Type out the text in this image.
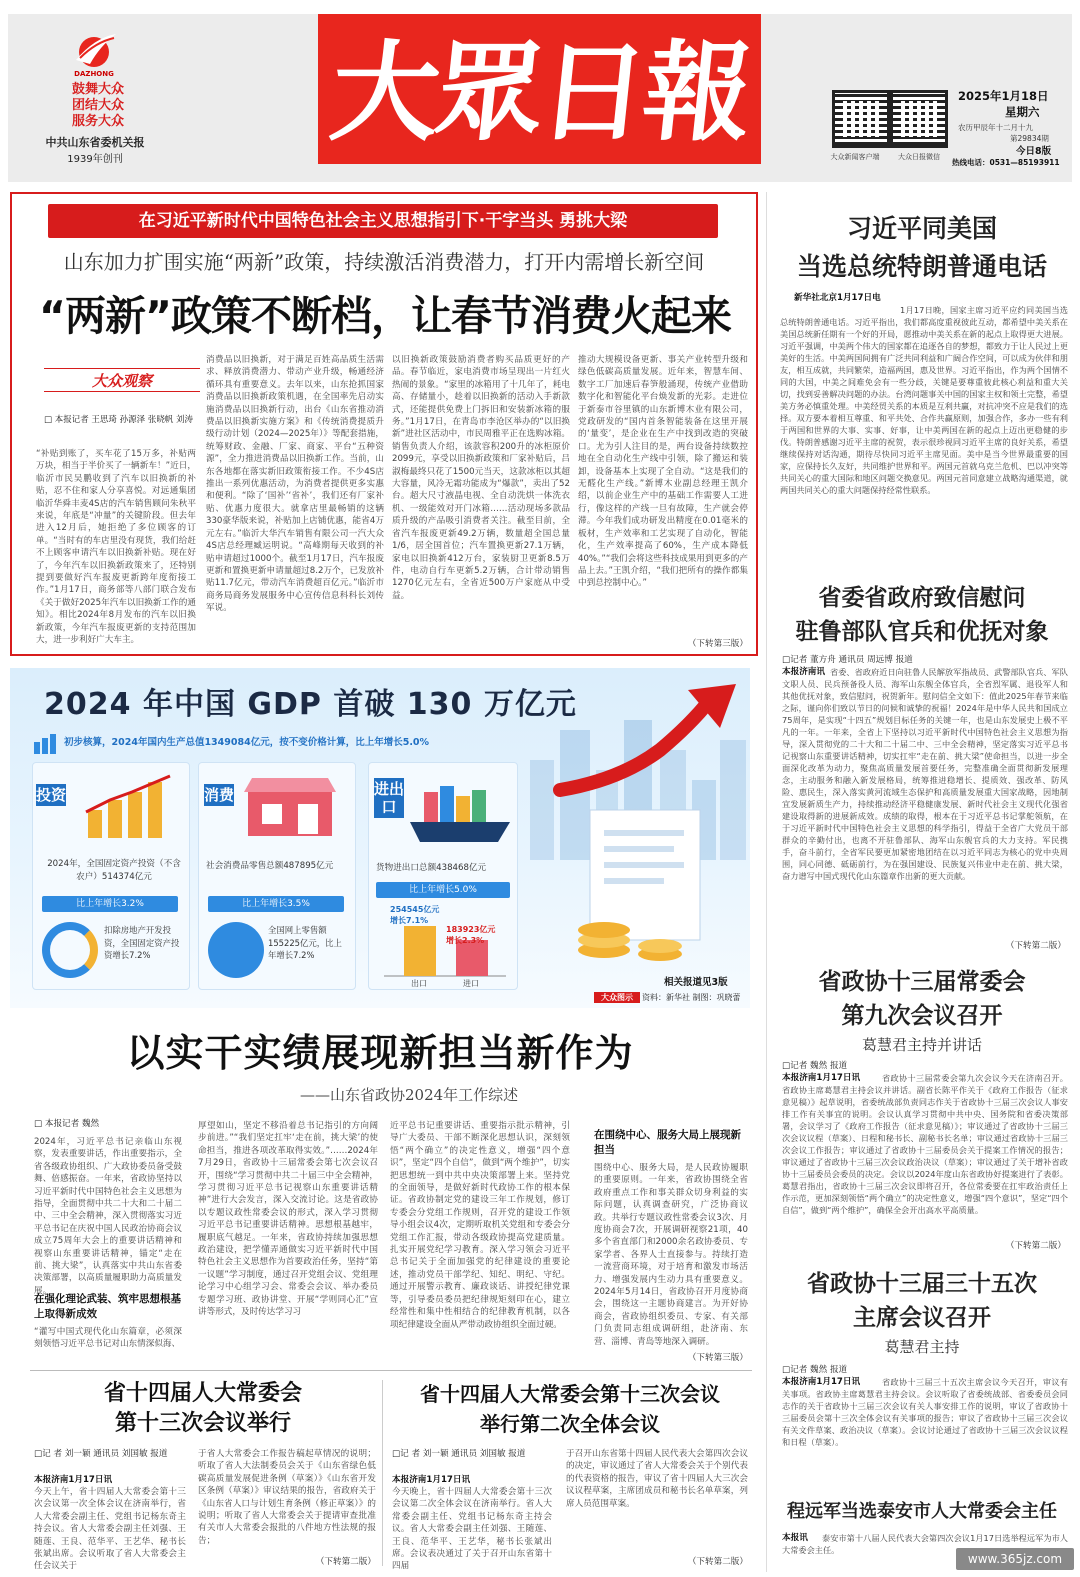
大眾日報
DAZHONG
鼓舞大众
团结大众
服务大众
中共山东省委机关报
1939年创刊	大众新闻客户端	大众日报微信
2025年1月18日
星期六
农历甲辰年十二月十九
第29834期
今日8版
热线电话：0531—85193911
在习近平新时代中国特色社会主义思想指引下·干字当头 勇挑大梁
山东加力扩围实施“两新”政策，持续激活消费潜力，打开内需增长新空间
“两新”政策不断档，让春节消费火起来
大众观察
□ 本报记者 王思琦 孙源泽 张晓帆 刘涛
“补贴到账了，买车花了15万多，补贴两万块，相当于半价买了一辆新车！”近日，临沂市民吴鹏收到了汽车以旧换新的补贴，忍不住和家人分享喜悦。对远通集团临沂华舜丰麦4S店的汽车销售顾问朱秋平来说，年底是“冲量”的关键阶段。但去年进入12月后，她拒绝了多位顾客的订单。“当时有的车店里没有现货，我们给赶不上顾客申请汽车以旧换新补贴。现在好了，今年汽车以旧换新政策来了，还特别提到要做好汽车报废更新跨年度衔接工作。”1月17日，商务部等八部门联合发布《关于做好2025年汽车以旧换新工作的通知》。相比2024年8月发布的汽车以旧换新政策，今年汽车报废更新的支持范围加大，进一步利好广大车主。
消费品以旧换新，对于满足百姓高品质生活需求、释放消费潜力、带动产业升级，畅通经济循环具有重要意义。去年以来，山东抢抓国家消费品以旧换新政策机遇，在全国率先启动实施消费品以旧换新行动，出台《山东省推动消费品以旧换新实施方案》和《传统消费提质升级行动计划（2024—2025年）》等配套措施，统筹财政、金融、厂家、商家、平台“五种资源”，全力推进消费品以旧换新工作。当前，山东各地都在落实新旧政策衔接工作。不少4S店推出一系列优惠活动，为消费者提供更多实惠和便利。“除了‘国补’‘省补’，我们还有厂家补贴、优惠力度很大。就拿店里最畅销的这辆330豪华版来说，补贴加上店铺优惠，能省4万元左右。”临沂大华汽车销售有限公司一汽大众4S店总经理臧运明说。“高峰期每天收到的补贴申请超过1000个。截至1月17日，汽车报废更新和置换更新申请量超过8.2万个，已发放补贴11.7亿元，带动汽车消费超百亿元。”临沂市商务局商务发展服务中心宣传信息科科长刘传军说。
以旧换新政策鼓励消费者购买品质更好的产品。春节临近，家电消费市场呈现出一片红火热闹的景象。“家里的冰箱用了十几年了，耗电高、存储量小，趁着以旧换新的活动入手新款式，还能提供免费上门拆旧和安装新冰箱的服务。”1月17日，在青岛市李沧区举办的“以旧换新”进社区活动中，市民周雅平正在选购冰箱。销售负责人介绍，该款容积200升的冰柜原价2099元，享受以旧换新政策和厂家补贴后，吕淑梅最终只花了1500元当天，这款冰柜以其超大容量，风冷无霜功能成为“爆款”，卖出了52台。超大尺寸液晶电视、全自动洗烘一体洗衣机、一级能效对开门冰箱……活动现场多款品质升级的产品吸引消费者关注。截至目前，全省汽车报废更新49.2万辆，数量超全国总量1/6，居全国首位；汽车置换更新27.1万辆，家电以旧换新412万台，家装厨卫更新8.5万件，电动自行车更新5.2万辆，合计带动销售1270亿元左右，全省近500万户家庭从中受益。
推动大规模设备更新、事关产业转型升级和绿色低碳高质量发展。近年来，智慧车间、数字工厂加速后春笋般涌现，传统产业借助数字化和智能化平台焕发新的光彩。走进位于新泰市谷里镇的山东新博木业有限公司，党政研发的“国内首条智能装备在这里开展的‘量变’，是企业在生产中找到改造的突破口。尤为引人注目的是，两台设备持续数控地在全自动化生产线中引领，除了搬运和装卸，设备基本上实现了全自动。“这是我们的无醛化生产线。”新博木业副总经理王凯介绍，以前企业生产中的基础工作需要人工进行，像这样的产线一旦有故障，生产就会停滞。今年我们成功研发出精度在0.01毫米的板材，生产效率和工艺实现了自动化，智能化，生产效率提高了60%，生产成本降低40%。”“我们会将这些科技成果用到更多的产品上去。”王凯介绍，“我们把所有的操作都集中到总控制中心。”
（下转第三版）
2024 年中国 GDP 首破 130 万亿元
初步核算，2024年国内生产总值1349084亿元，按不变价格计算，比上年增长5.0%
投资
2024年，全国固定资产投资（不含农户）514374亿元
比上年增长3.2%
扣除房地产开发投资，全国固定资产投资增长7.2%
消费
社会消费品零售总额487895亿元
比上年增长3.5%
全国网上零售额155225亿元，比上年增长7.2%
进出口
货物进出口总额438468亿元
比上年增长5.0%
254545亿元 增长7.1%
183923亿元 增长2.3%
出口	进口	相关报道见3版
大众图示	资料：新华社 制图：巩晓蕾
以实干实绩展现新担当新作为
——山东省政协2024年工作综述
□ 本报记者 魏然
2024年，习近平总书记亲临山东视察，发表重要讲话，作出重要指示，全省各级政协组织、广大政协委员备受鼓舞、倍感振奋。一年来，省政协坚持以习近平新时代中国特色社会主义思想为指导，全面贯彻中共二十大和二十届二中、三中全会精神，深入贯彻落实习近平总书记在庆祝中国人民政治协商会议成立75周年大会上的重要讲话精神和视察山东重要讲话精神，锚定“走在前、挑大梁”，认真落实中共山东省委决策部署，以高质量履职助力高质量发展。
在强化理论武装、筑牢思想根基上取得新成效
“灌写中国式现代化山东篇章，必须深刻领悟习近平总书记对山东情深似海、
厚望如山，坚定不移沿着总书记指引的方向阔步前进。”“我们坚定扛牢‘走在前，挑大梁’的使命担当，推进各项改革取得实效。”……2024年7月29日，省政协十三届常委会第七次会议召开，围绕“学习贯彻中共二十届三中全会精神，学习贯彻习近平总书记视察山东重要讲话精神”进行大会发言，深入交流讨论。这是省政协以专题议政性常委会议的形式，深入学习贯彻习近平总书记重要讲话精神。思想根基越牢，履职底气越足。一年来，省政协持续加强思想政治建设，把学懂弄通做实习近平新时代中国特色社会主义思想作为首要政治任务，坚持“第一议题”学习制度，通过召开党组会议、党组理论学习中心组学习会、常委会会议、举办委员专题学习班、政协讲堂、开展“学则同心汇”宣讲等形式，及时传达学习习
近平总书记重要讲话、重要指示批示精神，引导广大委员、干部不断深化思想认识，深刻领悟“两个确立”的决定性意义，增强“四个意识”，坚定“四个自信”，做到“两个维护”，切实把思想统一到中共中央决策部署上来。坚持党的全面领导，是做好新时代政协工作的根本保证。省政协制定党的建设三年工作规划，修订专委会分党组工作规则，召开党的建设工作领导小组会议4次，定期听取机关党组和专委会分党组工作汇报，带动各级政协提高党建质量。扎实开展党纪学习教育。深入学习领会习近平总书记关于全面加强党的纪律建设的重要论述，推动党员干部学纪、知纪、明纪、守纪。通过开展警示教育、廉政谈话、讲授纪律党课等，引导委员委员把纪律规矩刻印在心，建立经常性和集中性相结合的纪律教育机制，以各项纪律建设全面从严带动政协组织全面过硬。
在围绕中心、服务大局上展现新担当
围绕中心、服务大局，是人民政协履职的重要原则。一年来，省政协围绕全省政府重点工作和事关群众切身利益的实际问题，认真调查研究，广泛协商议政。共举行专题议政性常委会议3次、月度协商会7次，开展调研视察21项，40多个省直部门和2000余名政协委员、专家学者、各界人士直接参与。持续打造一流营商环境，对于培育和激发市场活力、增强发展内生动力具有重要意义。2024年5月14日，省政协召开月度协商会，围绕这一主题协商建言。为开好协商会，省政协组织委员、专家、有关部门负责同志组成调研组，赴济南、东营、淄博、青岛等地深入调研。
（下转第三版）
省十四届人大常委会
第十三次会议举行
□记 者 刘一颖 通讯员 刘国敏 报道
本报济南1月17日讯
今天上午，省十四届人大常委会第十三次会议第一次全体会议在济南举行，省人大常委会副主任、党组书记杨东奇主持会议。省人大常委会副主任刘强、王随莲、王良、范华平、王艺华、秘书长张斌出席。会议听取了省人大常委会主任会议关于
于省人大常委会工作报告稿起草情况的说明；听取了省人大法制委员会关于《山东省绿色低碳高质量发展促进条例（草案）》《山东省开发区条例（草案）》审议结果的报告，省政府关于《山东省人口与计划生育条例（修正草案）》的说明；听取了省人大常委会关于提请审查批准有关市人大常委会报批的八件地方性法规的报告；
（下转第二版）
省十四届人大常委会第十三次会议
举行第二次全体会议
□记 者 刘一颖 通讯员 刘国敏 报道
本报济南1月17日讯
今天晚上，省十四届人大常委会第十三次会议第二次全体会议在济南举行。省人大常委会副主任、党组书记杨东奇主持会议。省人大常委会副主任刘强、王随莲、王良、范华平、王艺华，秘书长张斌出席。会议表决通过了关于召开山东省第十四届
于召开山东省第十四届人民代表大会第四次会议的决定，审议通过了省人大常委会关于个别代表的代表资格的报告，审议了省十四届人大三次会议议程草案，主席团成员和秘书长名单草案，列席人员范围草案。
（下转第二版）
习近平同美国
当选总统特朗普通电话
新华社北京1月17日电
1月17日晚，国家主席习近平应约同美国当选总统特朗普通电话。习近平指出，我们都高度重视彼此互动，都希望中美关系在美国总统新任期有一个好的开局，愿推动中美关系在新的起点上取得更大进展。习近平强调，中美两个伟大的国家都在追逐各自的梦想，都致力于让人民过上更美好的生活。中美两国间拥有广泛共同利益和广阔合作空间，可以成为伙伴和朋友，相互成就，共同繁荣，造福两国，惠及世界。习近平指出，作为两个国情不同的大国，中美之间难免会有一些分歧，关键是要尊重彼此核心利益和重大关切，找到妥善解决问题的办法。台湾问题事关中国的国家主权和领土完整，希望美方务必慎重处理。中美经贸关系的本质是互利共赢，对抗冲突不应是我们的选择。双方要本着相互尊重、和平共处、合作共赢原则，加强合作，多办一些有利于两国和世界的大事、实事、好事，让中美两国在新的起点上迈出更稳健的步伐。特朗普感谢习近平主席的祝贺，表示很珍视同习近平主席的良好关系，希望继续保持对话沟通，期待尽快同习近平主席见面。美中是当今世界最重要的国家，应保持长久友好，共同维护世界和平。两国元首就乌克兰危机、巴以冲突等共同关心的重大国际和地区问题交换意见。两国元首同意建立战略沟通渠道，就两国共同关心的重大问题保持经常性联系。
省委省政府致信慰问
驻鲁部队官兵和优抚对象
□记者 董方舟 通讯员 周远博 报道
本报济南讯 省委、省政府近日向驻鲁人民解放军指战员、武警部队官兵、军队文职人员、民兵预备役人员、海军山东舰全体官兵，全省烈军属、退役军人和其他优抚对象，致信慰问，祝贺新年。慰问信全文如下：值此2025年春节来临之际，谨向你们致以节日的问候和诚挚的祝福！2024年是中华人民共和国成立75周年，是实现“十四五”规划目标任务的关键一年，也是山东发展史上极不平凡的一年。一年来，全省上下坚持以习近平新时代中国特色社会主义思想为指导，深入贯彻党的二十大和二十届二中、三中全会精神，坚定落实习近平总书记视察山东重要讲话精神，切实扛牢“走在前、挑大梁”使命担当，以进一步全面深化改革为动力，聚焦高质量发展首要任务，完整准确全面贯彻新发展理念，主动服务和融入新发展格局，统筹推进稳增长、提质效、强改革、防风险、惠民生，深入落实黄河流域生态保护和高质量发展重大国家战略，因地制宜发展新质生产力，持续推动经济平稳健康发展、新时代社会主义现代化强省建设取得新的进展新成效。成绩的取得，根本在于习近平总书记掌舵领航，在于习近平新时代中国特色社会主义思想的科学指引，得益于全省广大党员干部群众的辛勤付出，也离不开驻鲁部队、海军山东舰官兵的大力支持。军民携手，奋斗前行，全省军民要更加紧密地团结在以习近平同志为核心的党中央周围，同心同德、砥砺前行，为在强国建设、民族复兴伟业中走在前、挑大梁，奋力谱写中国式现代化山东篇章作出新的更大贡献。
（下转第二版）
省政协十三届常委会
第九次会议召开
葛慧君主持并讲话
□记者 魏然 报道
本报济南1月17日讯	省政协十三届常委会第九次会议今天在济南召开。省政协主席葛慧君主持会议并讲话。副省长陈平作关于《政府工作报告（征求意见稿）》起草说明，省委统战部负责同志作关于省政协十三届三次会议人事安排工作有关事宜的说明。会议认真学习贯彻中共中央、国务院和省委决策部署，会议学习了《政府工作报告（征求意见稿）》；审议通过了省政协十三届三次会议议程（草案）、日程和秘书长、副秘书长名单；审议通过省政协十三届三次会议工作报告；审议通过了省政协十三届委员会关于提案工作情况的报告；审议通过了省政协十三届三次会议政治决议（草案）；审议通过了关于增补省政协十三届委员会委员的决定。会议以2024年度山东省政协好提案进行了表彰。葛慧君指出，省政协十三届三次会议即将召开，各位常委要在扛牢政治责任上作示范，更加深刻领悟“两个确立”的决定性意义，增强“四个意识”，坚定“四个自信”，做到“两个维护”，确保全会开出高水平高质量。
（下转第二版）
省政协十三届三十五次
主席会议召开
葛慧君主持
□记者 魏然 报道
本报济南1月17日讯	省政协十三届三十五次主席会议今天召开，审议有关事项。省政协主席葛慧君主持会议。会议听取了省委统战部、省委委员会同志作的关于省政协十三届三次会议有关人事安排工作的说明，审议了省政协十三届委员会第十三次全体会议有关事项的报告；审议了省政协十三届三次会议有关文件草案、政治决议（草案）。会议讨论通过了省政协十三届三次会议议程和日程（草案）。
程远军当选泰安市人大常委会主任
本报讯	泰安市第十八届人民代表大会第四次会议1月17日选举程远军为市人大常委会主任。
www.365jz.com
